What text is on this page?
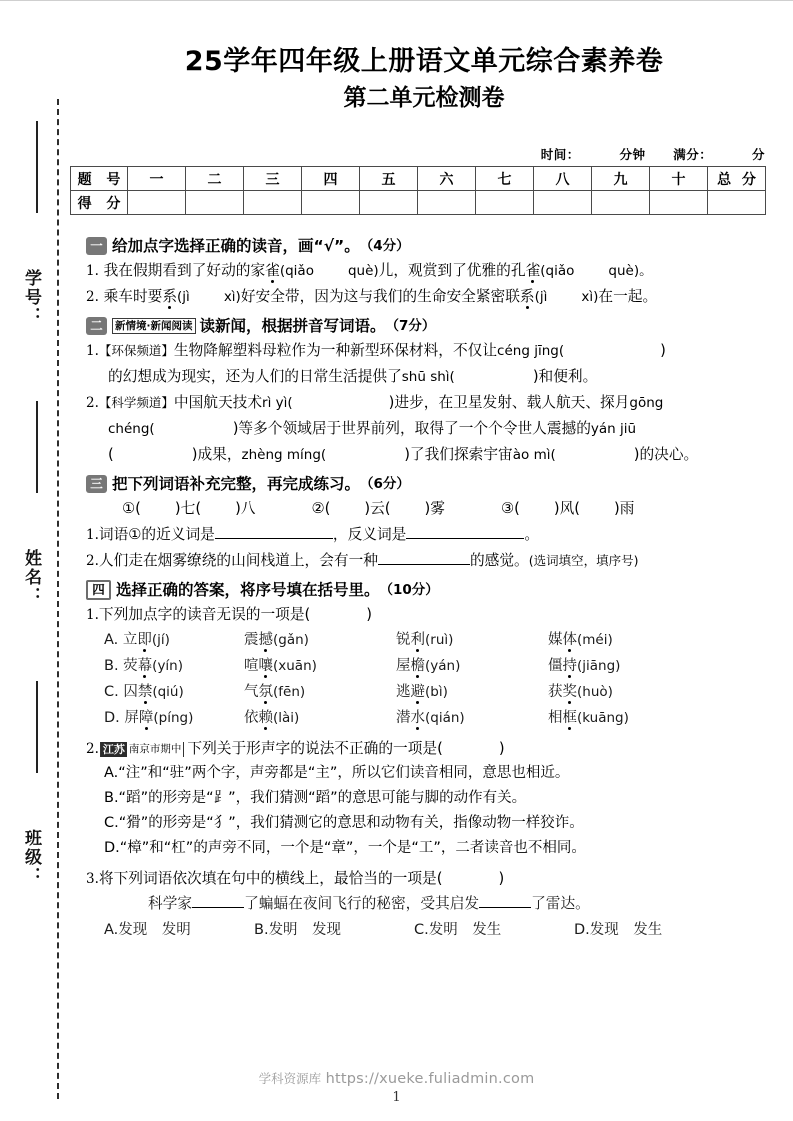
学号：
姓名：
班级：
25学年四年级上册语文单元综合素养卷
第二单元检测卷
时间：	分钟 满分：	分
题 号	一	二	三	四	五	六	七	八	九	十	总 分
得 分											
一 给加点字选择正确的读音，画“√”。 （4分）
1. 我在假期看到了好动的家雀(qiǎo	què)儿，观赏到了优雅的孔雀(qiǎo	què)。
2. 乘车时要系(jì	xì)好安全带，因为这与我们的生命安全紧密联系(jì	xì)在一起。
二	新情境·新闻阅读 读新闻，根据拼音写词语。 （7分）
1.【环保频道】生物降解塑料母粒作为一种新型环保材料，不仅让céng jīng(	)
的幻想成为现实，还为人们的日常生活提供了shū shì(	)和便利。
2.【科学频道】中国航天技术rì yì(	)进步，在卫星发射、载人航天、探月gōng
chéng(	)等多个领域居于世界前列，取得了一个个令世人震撼的yán jiū
(	)成果，zhèng míng(	)了我们探索宇宙ào mì(	)的决心。
三 把下列词语补充完整，再完成练习。 （6分）
①( )七( )八	②( )云( )雾	③( )风( )雨
1.词语①的近义词是	，反义词是	。
2.人们走在烟雾缭绕的山间栈道上，会有一种	的感觉。(选词填空，填序号)
四 选择正确的答案，将序号填在括号里。 （10分）
1.下列加点字的读音无误的一项是(	)
A. 立即(jí)	震撼(gǎn)	锐利(ruì)	媒体(méi)
B. 荧幕(yín)	喧嚷(xuān)	屋檐(yán)	僵持(jiāng)
C. 囚禁(qiú)	气氛(fēn)	逃避(bì)	获奖(huò)
D. 屏障(píng)	依赖(lài)	潜水(qián)	相框(kuāng)
2. 江苏 南京市期中 下列关于形声字的说法不正确的一项是(	)
A.“注”和“驻”两个字，声旁都是“主”，所以它们读音相同，意思也相近。
B.“蹈”的形旁是“⻊”，我们猜测“蹈”的意思可能与脚的动作有关。
C.“猾”的形旁是“犭”，我们猜测它的意思和动物有关，指像动物一样狡诈。
D.“樟”和“杠”的声旁不同，一个是“章”，一个是“工”，二者读音也不相同。
3.将下列词语依次填在句中的横线上，最恰当的一项是(	)
科学家	了蝙蝠在夜间飞行的秘密，受其启发	了雷达。
A.发现　发明	B.发明　发现	C.发明　发生	D.发现　发生
学科资源库 https://xueke.fuliadmin.com
1
